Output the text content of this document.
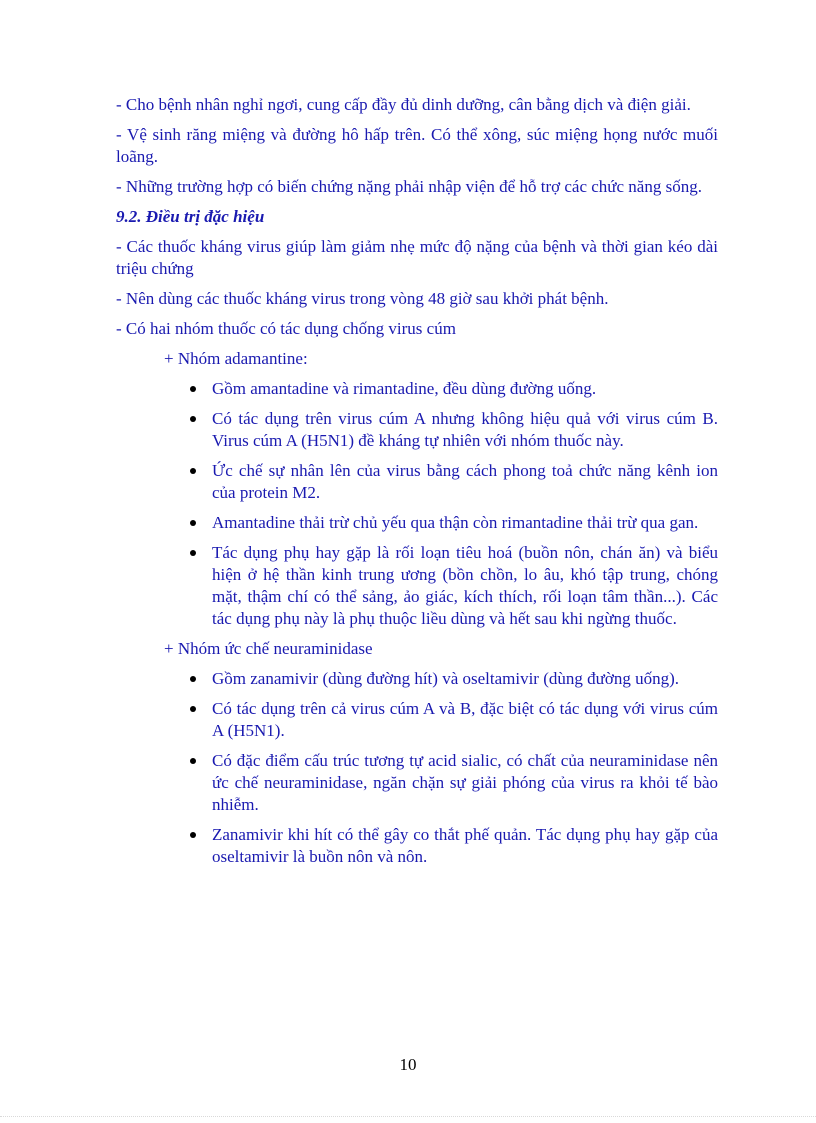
- Cho bệnh nhân nghỉ ngơi, cung cấp đầy đủ dinh dưỡng, cân bằng dịch và điện giải.

- Vệ sinh răng miệng và đường hô hấp trên. Có thể xông, súc miệng họng nước muối loãng.

- Những trường hợp có biến chứng nặng phải nhập viện để hỗ trợ các chức năng sống.

9.2. Điều trị đặc hiệu

- Các thuốc kháng virus giúp làm giảm nhẹ mức độ nặng của bệnh và thời gian kéo dài triệu chứng

- Nên dùng các thuốc kháng virus trong vòng 48 giờ sau khởi phát bệnh.

- Có hai nhóm thuốc có tác dụng chống virus cúm

+ Nhóm adamantine:

Gồm amantadine và rimantadine, đều dùng đường uống.
Có tác dụng trên virus cúm A nhưng không hiệu quả với virus cúm B. Virus cúm A (H5N1) đề kháng tự nhiên với nhóm thuốc này.
Ức chế sự nhân lên của virus bằng cách phong toả chức năng kênh ion của protein M2.
Amantadine thải trừ chủ yếu qua thận còn rimantadine thải trừ qua gan.
Tác dụng phụ hay gặp là rối loạn tiêu hoá (buồn nôn, chán ăn) và biểu hiện ở hệ thần kinh trung ương (bồn chồn, lo âu, khó tập trung, chóng mặt, thậm chí có thể sảng, ảo giác, kích thích, rối loạn tâm thần...). Các tác dụng phụ này là phụ thuộc liều dùng và hết sau khi ngừng thuốc.

+ Nhóm ức chế neuraminidase

Gồm zanamivir (dùng đường hít) và oseltamivir (dùng đường uống).
Có tác dụng trên cả virus cúm A và B, đặc biệt có tác dụng với virus cúm A (H5N1).
Có đặc điểm cấu trúc tương tự acid sialic, có chất của neuraminidase nên ức chế neuraminidase, ngăn chặn sự giải phóng của virus ra khỏi tế bào nhiễm.
Zanamivir khi hít có thể gây co thắt phế quản. Tác dụng phụ hay gặp của oseltamivir là buồn nôn và nôn.
10
